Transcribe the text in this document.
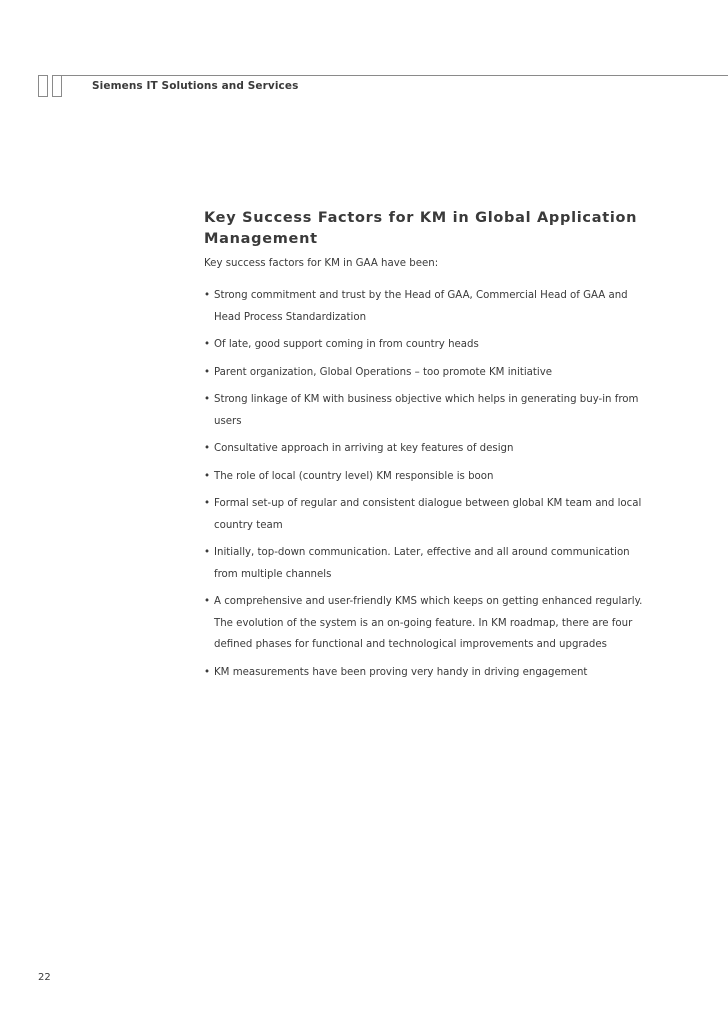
Siemens IT Solutions and Services
Key Success Factors for KM in Global Application Management

Key success factors for KM in GAA have been:

• Strong commitment and trust by the Head of GAA, Commercial Head of GAA and Head Process Standardization
• Of late, good support coming in from country heads
• Parent organization, Global Operations – too promote KM initiative
• Strong linkage of KM with business objective which helps in generating buy-in from users
• Consultative approach in arriving at key features of design
• The role of local (country level) KM responsible is boon
• Formal set-up of regular and consistent dialogue between global KM team and local country team
• Initially, top-down communication. Later, effective and all around communication from multiple channels
• A comprehensive and user-friendly KMS which keeps on getting enhanced regularly. The evolution of the system is an on-going feature. In KM roadmap, there are four defined phases for functional and technological improvements and upgrades
• KM measurements have been proving very handy in driving engagement
22
